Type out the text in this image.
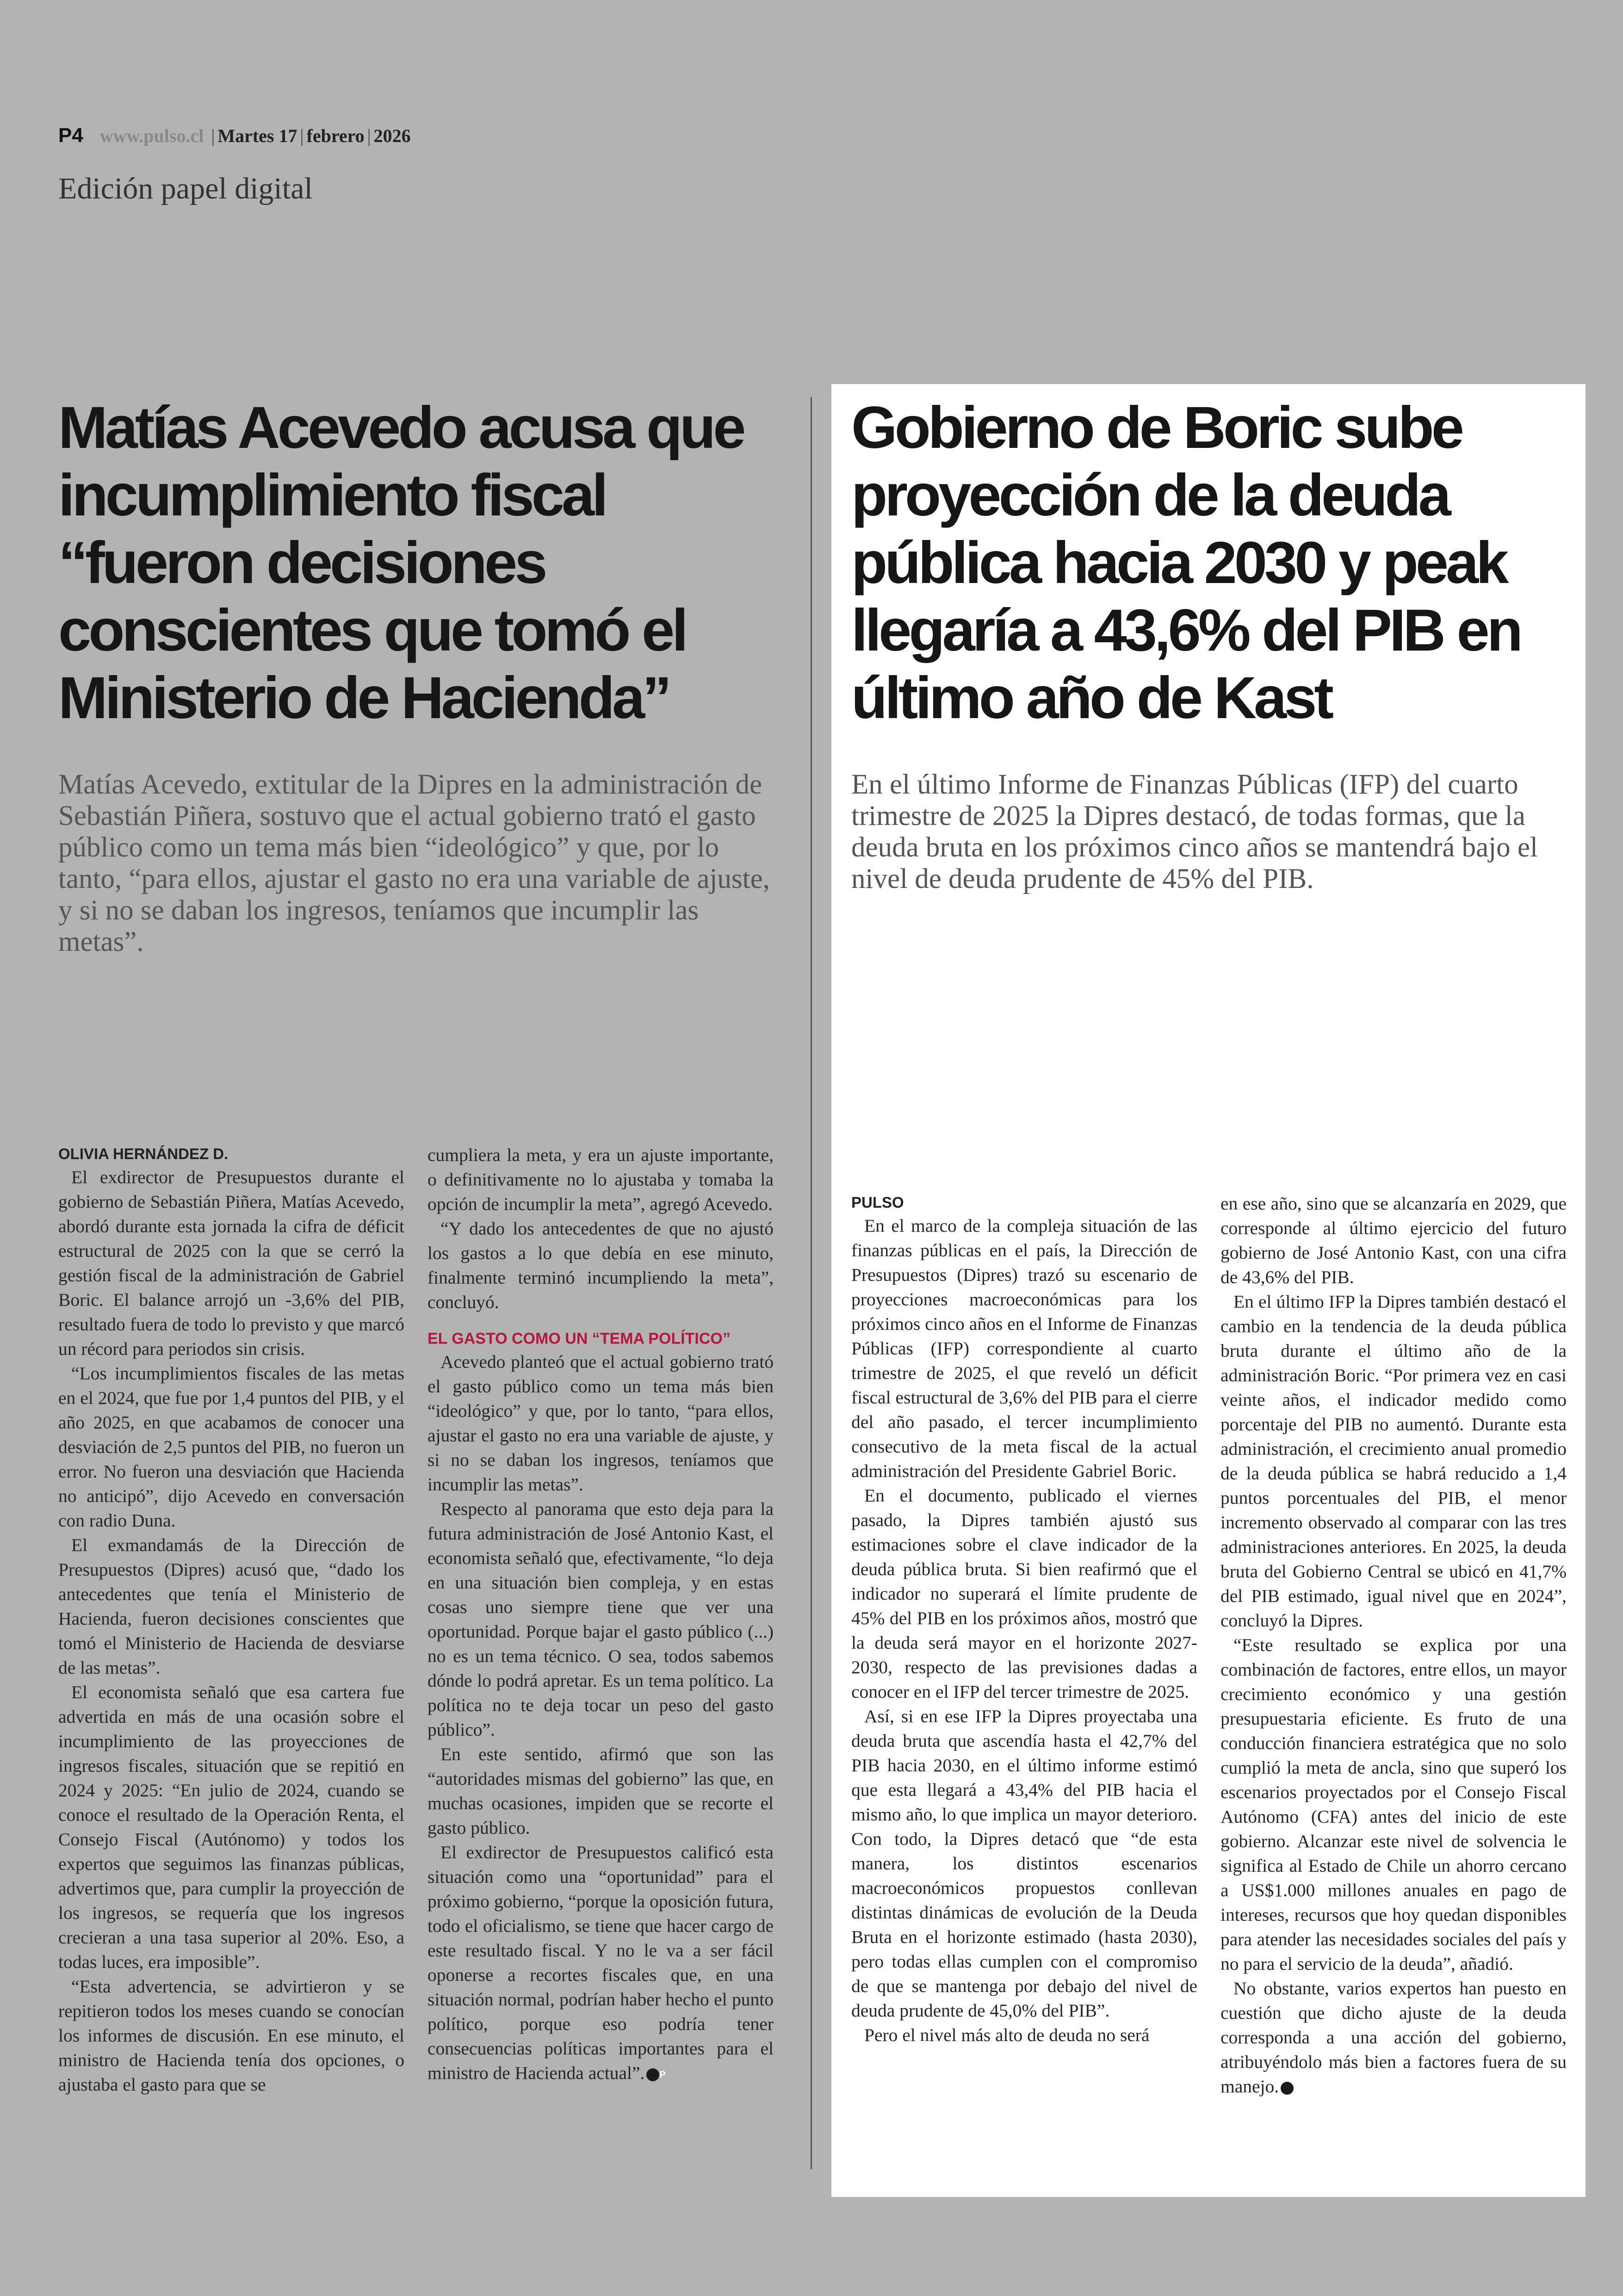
P4 www.pulso.cl | Martes 17 | febrero | 2026
Edición papel digital
Matías Acevedo acusa que incumplimiento fiscal “fueron decisiones conscientes que tomó el Ministerio de Hacienda”
Matías Acevedo, extitular de la Dipres en la administración de Sebastián Piñera, sostuvo que el actual gobierno trató el gasto público como un tema más bien “ideológico” y que, por lo tanto, “para ellos, ajustar el gasto no era una variable de ajuste, y si no se daban los ingresos, teníamos que incumplir las metas”.
Gobierno de Boric sube proyección de la deuda pública hacia 2030 y peak llegaría a 43,6% del PIB en último año de Kast
En el último Informe de Finanzas Públicas (IFP) del cuarto trimestre de 2025 la Dipres destacó, de todas formas, que la deuda bruta en los próximos cinco años se mantendrá bajo el nivel de deuda prudente de 45% del PIB.
OLIVIA HERNÁNDEZ D.

El exdirector de Presupuestos durante el gobierno de Sebastián Piñera, Matías Acevedo, abordó durante esta jornada la cifra de déficit estructural de 2025 con la que se cerró la gestión fiscal de la administración de Gabriel Boric. El balance arrojó un -3,6% del PIB, resultado fuera de todo lo previsto y que marcó un récord para periodos sin crisis.

“Los incumplimientos fiscales de las metas en el 2024, que fue por 1,4 puntos del PIB, y el año 2025, en que acabamos de conocer una desviación de 2,5 puntos del PIB, no fueron un error. No fueron una desviación que Hacienda no anticipó”, dijo Acevedo en conversación con radio Duna.

El exmandamás de la Dirección de Presupuestos (Dipres) acusó que, “dado los antecedentes que tenía el Ministerio de Hacienda, fueron decisiones conscientes que tomó el Ministerio de Hacienda de desviarse de las metas”.

El economista señaló que esa cartera fue advertida en más de una ocasión sobre el incumplimiento de las proyecciones de ingresos fiscales, situación que se repitió en 2024 y 2025: “En julio de 2024, cuando se conoce el resultado de la Operación Renta, el Consejo Fiscal (Autónomo) y todos los expertos que seguimos las finanzas públicas, advertimos que, para cumplir la proyección de los ingresos, se requería que los ingresos crecieran a una tasa superior al 20%. Eso, a todas luces, era imposible”.

“Esta advertencia, se advirtieron y se repitieron todos los meses cuando se conocían los informes de discusión. En ese minuto, el ministro de Hacienda tenía dos opciones, o ajustaba el gasto para que se

cumpliera la meta, y era un ajuste importante, o definitivamente no lo ajustaba y tomaba la opción de incumplir la meta”, agregó Acevedo.

“Y dado los antecedentes de que no ajustó los gastos a lo que debía en ese minuto, finalmente terminó incumpliendo la meta”, concluyó.

EL GASTO COMO UN “TEMA POLÍTICO”

Acevedo planteó que el actual gobierno trató el gasto público como un tema más bien “ideológico” y que, por lo tanto, “para ellos, ajustar el gasto no era una variable de ajuste, y si no se daban los ingresos, teníamos que incumplir las metas”.

Respecto al panorama que esto deja para la futura administración de José Antonio Kast, el economista señaló que, efectivamente, “lo deja en una situación bien compleja, y en estas cosas uno siempre tiene que ver una oportunidad. Porque bajar el gasto público (...) no es un tema técnico. O sea, todos sabemos dónde lo podrá apretar. Es un tema político. La política no te deja tocar un peso del gasto público”.

En este sentido, afirmó que son las “autoridades mismas del gobierno” las que, en muchas ocasiones, impiden que se recorte el gasto público.

El exdirector de Presupuestos calificó esta situación como una “oportunidad” para el próximo gobierno, “porque la oposición futura, todo el oficialismo, se tiene que hacer cargo de este resultado fiscal. Y no le va a ser fácil oponerse a recortes fiscales que, en una situación normal, podrían haber hecho el punto político, porque eso podría tener consecuencias políticas importantes para el ministro de Hacienda actual”. P

PULSO

En el marco de la compleja situación de las finanzas públicas en el país, la Dirección de Presupuestos (Dipres) trazó su escenario de proyecciones macroeconómicas para los próximos cinco años en el Informe de Finanzas Públicas (IFP) correspondiente al cuarto trimestre de 2025, el que reveló un déficit fiscal estructural de 3,6% del PIB para el cierre del año pasado, el tercer incumplimiento consecutivo de la meta fiscal de la actual administración del Presidente Gabriel Boric.

En el documento, publicado el viernes pasado, la Dipres también ajustó sus estimaciones sobre el clave indicador de la deuda pública bruta. Si bien reafirmó que el indicador no superará el límite prudente de 45% del PIB en los próximos años, mostró que la deuda será mayor en el horizonte 2027-2030, respecto de las previsiones dadas a conocer en el IFP del tercer trimestre de 2025.

Así, si en ese IFP la Dipres proyectaba una deuda bruta que ascendía hasta el 42,7% del PIB hacia 2030, en el último informe estimó que esta llegará a 43,4% del PIB hacia el mismo año, lo que implica un mayor deterioro. Con todo, la Dipres detacó que “de esta manera, los distintos escenarios macroeconómicos propuestos conllevan distintas dinámicas de evolución de la Deuda Bruta en el horizonte estimado (hasta 2030), pero todas ellas cumplen con el compromiso de que se mantenga por debajo del nivel de deuda prudente de 45,0% del PIB”.

Pero el nivel más alto de deuda no será

en ese año, sino que se alcanzaría en 2029, que corresponde al último ejercicio del futuro gobierno de José Antonio Kast, con una cifra de 43,6% del PIB.

En el último IFP la Dipres también destacó el cambio en la tendencia de la deuda pública bruta durante el último año de la administración Boric. “Por primera vez en casi veinte años, el indicador medido como porcentaje del PIB no aumentó. Durante esta administración, el crecimiento anual promedio de la deuda pública se habrá reducido a 1,4 puntos porcentuales del PIB, el menor incremento observado al comparar con las tres administraciones anteriores. En 2025, la deuda bruta del Gobierno Central se ubicó en 41,7% del PIB estimado, igual nivel que en 2024”, concluyó la Dipres.

“Este resultado se explica por una combinación de factores, entre ellos, un mayor crecimiento económico y una gestión presupuestaria eficiente. Es fruto de una conducción financiera estratégica que no solo cumplió la meta de ancla, sino que superó los escenarios proyectados por el Consejo Fiscal Autónomo (CFA) antes del inicio de este gobierno. Alcanzar este nivel de solvencia le significa al Estado de Chile un ahorro cercano a US$1.000 millones anuales en pago de intereses, recursos que hoy quedan disponibles para atender las necesidades sociales del país y no para el servicio de la deuda”, añadió.

No obstante, varios expertos han puesto en cuestión que dicho ajuste de la deuda corresponda a una acción del gobierno, atribuyéndolo más bien a factores fuera de su manejo. P
